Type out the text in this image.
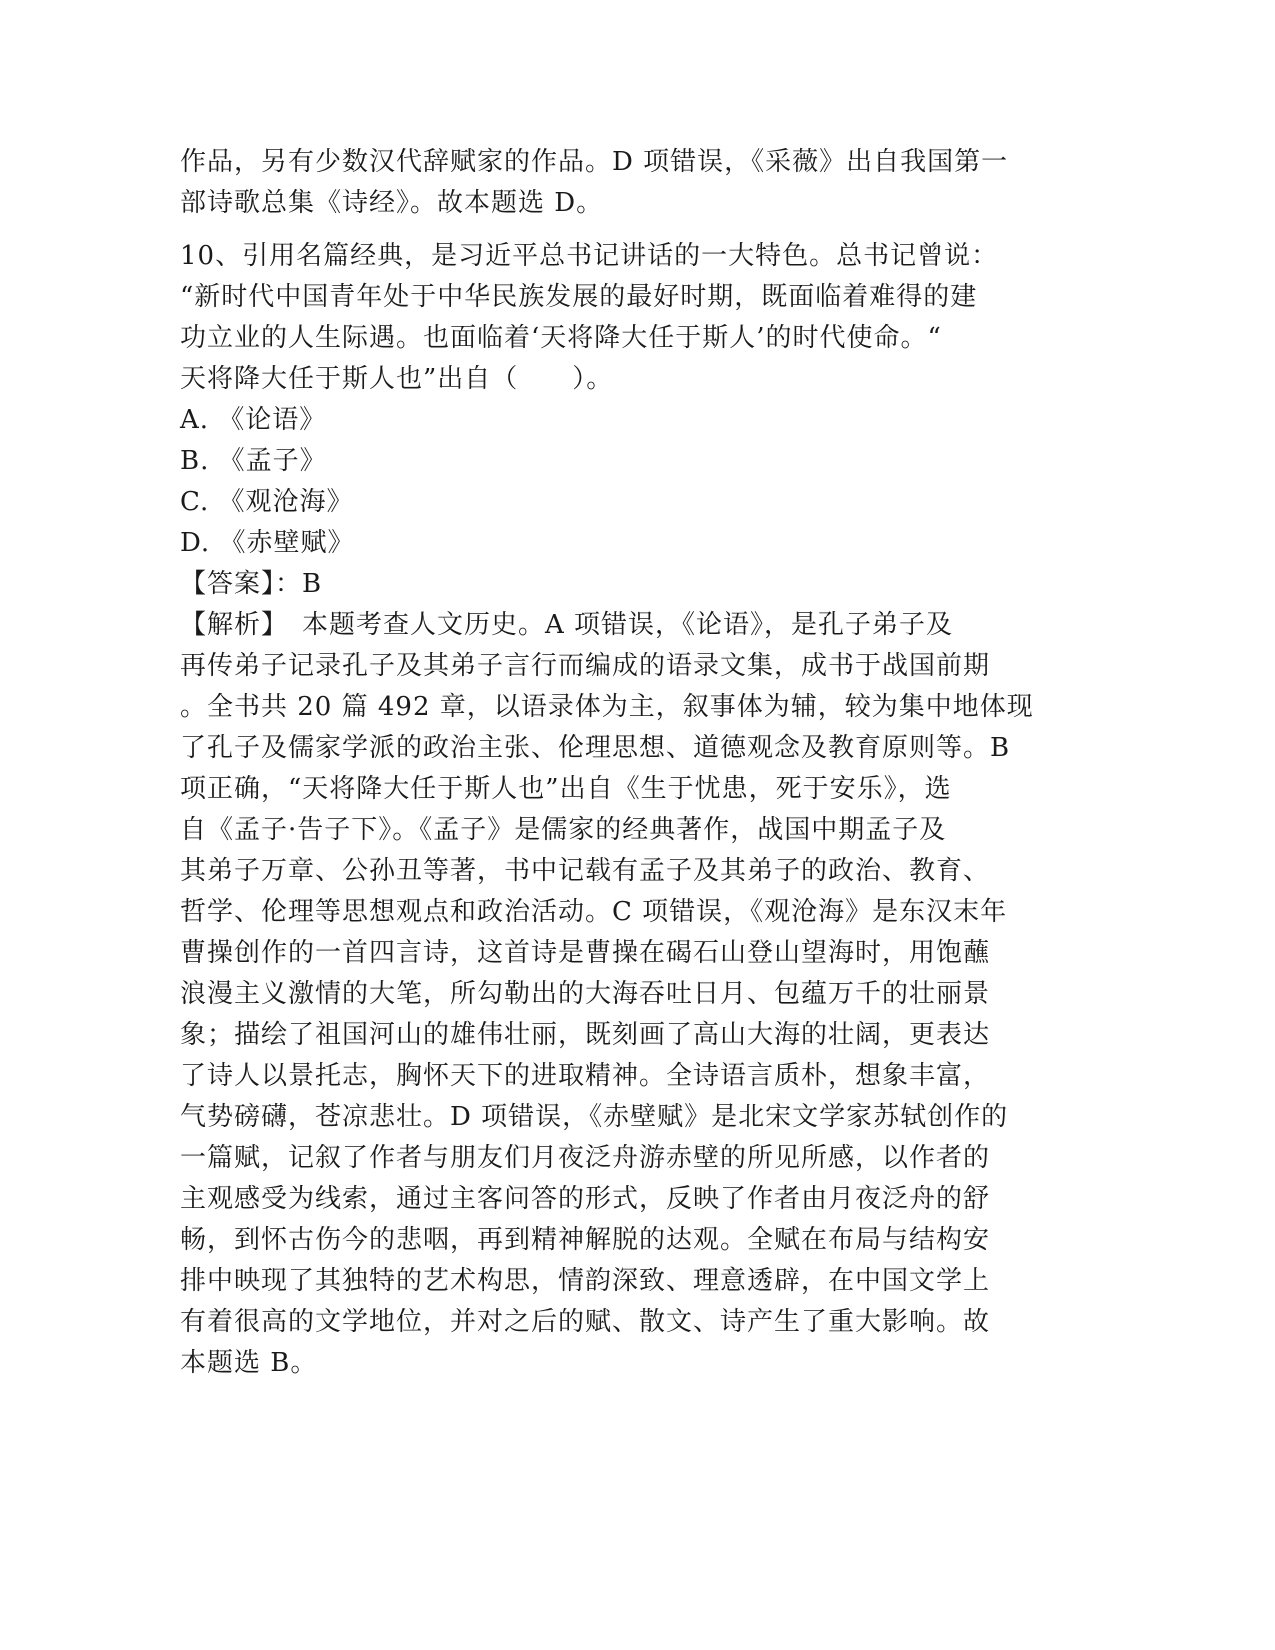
作品，另有少数汉代辞赋家的作品。D 项错误，《采薇》出自我国第一
部诗歌总集《诗经》。故本题选 D。
10、引用名篇经典，是习近平总书记讲话的一大特色。总书记曾说：
“新时代中国青年处于中华民族发展的最好时期，既面临着难得的建
功立业的人生际遇。也面临着‘天将降大任于斯人’的时代使命。“
天将降大任于斯人也”出自（　　）。
A. 《论语》
B. 《孟子》
C. 《观沧海》
D. 《赤壁赋》
【答案】：B
【解析】　本题考查人文历史。A 项错误，《论语》，是孔子弟子及
再传弟子记录孔子及其弟子言行而编成的语录文集，成书于战国前期
。全书共 20 篇 492 章，以语录体为主，叙事体为辅，较为集中地体现
了孔子及儒家学派的政治主张、伦理思想、道德观念及教育原则等。B
项正确，“天将降大任于斯人也”出自《生于忧患，死于安乐》，选
自《孟子·告子下》。《孟子》是儒家的经典著作，战国中期孟子及
其弟子万章、公孙丑等著，书中记载有孟子及其弟子的政治、教育、
哲学、伦理等思想观点和政治活动。C 项错误，《观沧海》是东汉末年
曹操创作的一首四言诗，这首诗是曹操在碣石山登山望海时，用饱蘸
浪漫主义激情的大笔，所勾勒出的大海吞吐日月、包蕴万千的壮丽景
象；描绘了祖国河山的雄伟壮丽，既刻画了高山大海的壮阔，更表达
了诗人以景托志，胸怀天下的进取精神。全诗语言质朴，想象丰富，
气势磅礴，苍凉悲壮。D 项错误，《赤壁赋》是北宋文学家苏轼创作的
一篇赋，记叙了作者与朋友们月夜泛舟游赤壁的所见所感，以作者的
主观感受为线索，通过主客问答的形式，反映了作者由月夜泛舟的舒
畅，到怀古伤今的悲咽，再到精神解脱的达观。全赋在布局与结构安
排中映现了其独特的艺术构思，情韵深致、理意透辟，在中国文学上
有着很高的文学地位，并对之后的赋、散文、诗产生了重大影响。故
本题选 B。
